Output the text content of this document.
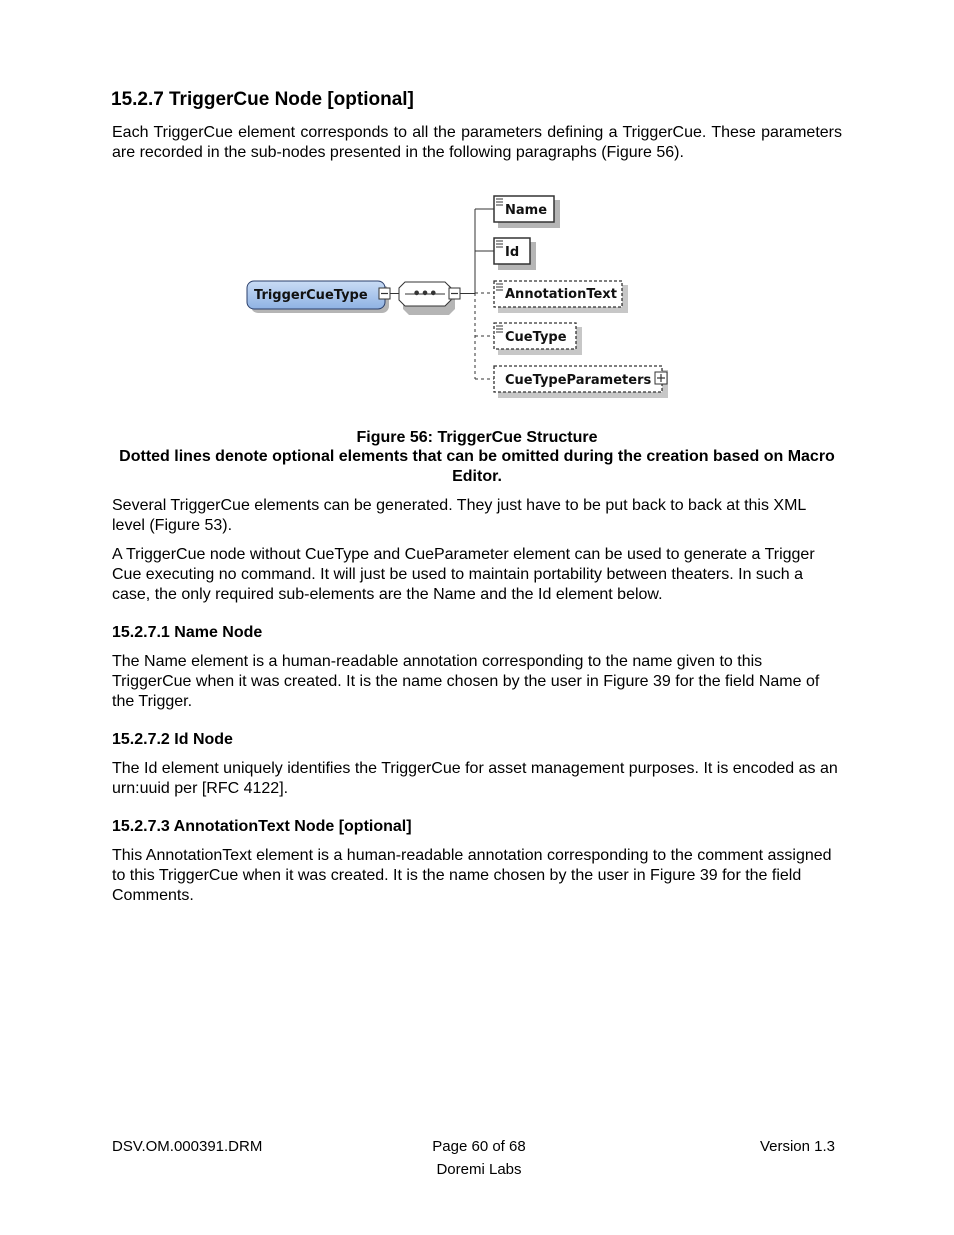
15.2.7 TriggerCue Node [optional]
Each TriggerCue element corresponds to all the parameters defining a TriggerCue. These parameters are recorded in the sub-nodes presented in the following paragraphs (Figure 56).
TriggerCueType	•••
Name
Id
AnnotationText
CueType
CueTypeParameters
Figure 56: TriggerCue Structure
Dotted lines denote optional elements that can be omitted during the creation based on Macro Editor.
Several TriggerCue elements can be generated. They just have to be put back to back at this XML level (Figure 53).
A TriggerCue node without CueType and CueParameter element can be used to generate a Trigger Cue executing no command. It will just be used to maintain portability between theaters. In such a case, the only required sub-elements are the Name and the Id element below.
15.2.7.1 Name Node
The Name element is a human-readable annotation corresponding to the name given to this TriggerCue when it was created. It is the name chosen by the user in Figure 39 for the field Name of the Trigger.
15.2.7.2 Id Node
The Id element uniquely identifies the TriggerCue for asset management purposes. It is encoded as an urn:uuid per [RFC 4122].
15.2.7.3 AnnotationText Node [optional]
This AnnotationText element is a human-readable annotation corresponding to the comment assigned to this TriggerCue when it was created. It is the name chosen by the user in Figure 39 for the field Comments.
DSV.OM.000391.DRM	Page 60 of 68
Doremi Labs
Version 1.3
